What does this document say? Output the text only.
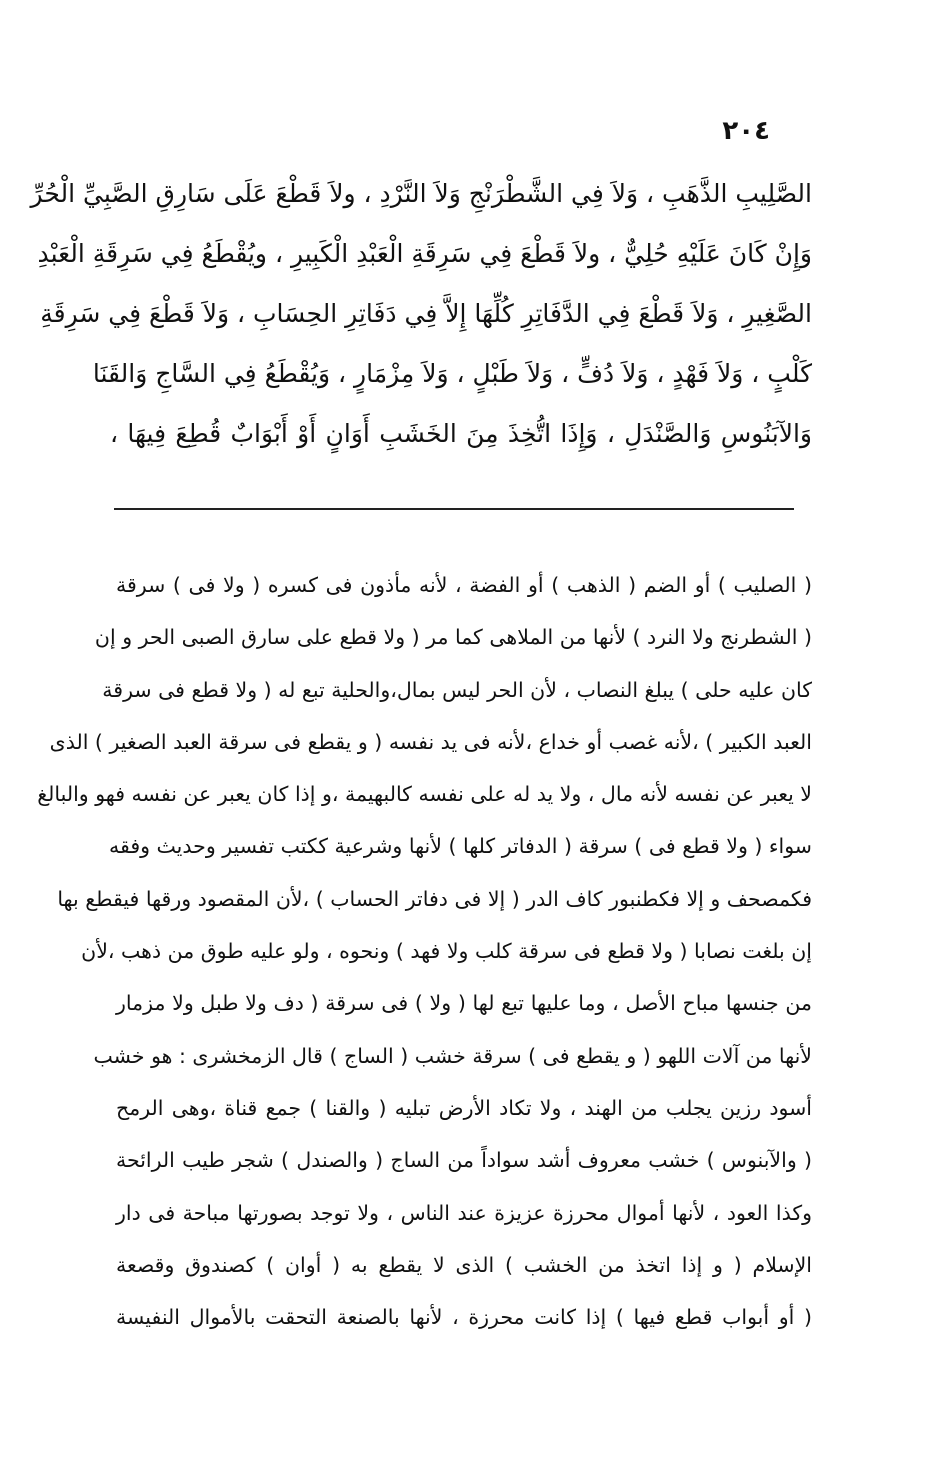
٢٠٤
الصَّلِيبِ الذَّهَبِ ، وَلاَ فِي الشَّطْرَنْجِ وَلاَ النَّرْدِ ، ولاَ قَطْعَ عَلَى سَارِقِ الصَّبِيِّ الْحُرِّ
وَإِنْ كَانَ عَلَيْهِ حُلِيٌّ ، ولاَ قَطْعَ فِي سَرِقَةِ الْعَبْدِ الْكَبِيرِ ، ويُقْطَعُ فِي سَرِقَةِ الْعَبْدِ
الصَّغِيرِ ، وَلاَ قَطْعَ فِي الدَّفَاتِرِ كُلِّهَا إِلاَّ فِي دَفَاتِرِ الحِسَابِ ، وَلاَ قَطْعَ فِي سَرِقَةِ
كَلْبٍ ، وَلاَ فَهْدٍ ، وَلاَ دُفٍّ ، وَلاَ طَبْلٍ ، وَلاَ مِزْمَارٍ ، وَيُقْطَعُ فِي السَّاجِ وَالقَنَا
وَالآبَنُوسِ وَالصَّنْدَلِ ، وَإِذَا اتُّخِذَ مِنَ الخَشَبِ أَوَانٍ أَوْ أَبْوَابٌ قُطِعَ فِيهَا ،
( الصليب ) أو الضم ( الذهب ) أو الفضة ، لأنه مأذون فى كسره ( ولا فى ) سرقة
( الشطرنج ولا النرد ) لأنها من الملاهى كما مر ( ولا قطع على سارق الصبى الحر و إن
كان عليه حلى ) يبلغ النصاب ، لأن الحر ليس بمال،والحلية تبع له ( ولا قطع فى سرقة
العبد الكبير ) ،لأنه غصب أو خداع ،لأنه فى يد نفسه ( و يقطع فى سرقة العبد الصغير ) الذى
لا يعبر عن نفسه لأنه مال ، ولا يد له على نفسه كالبهيمة ،و إذا كان يعبر عن نفسه فهو والبالغ
سواء ( ولا قطع فى ) سرقة ( الدفاتر كلها ) لأنها وشرعية ككتب تفسير وحديث وفقه
فكمصحف و إلا فكطنبور كاف الدر ( إلا فى دفاتر الحساب ) ،لأن المقصود ورقها فيقطع بها
إن بلغت نصابا ( ولا قطع فى سرقة كلب ولا فهد ) ونحوه ، ولو عليه طوق من ذهب ،لأن
من جنسها مباح الأصل ، وما عليها تبع لها ( ولا ) فى سرقة ( دف ولا طبل ولا مزمار
لأنها من آلات اللهو ( و يقطع فى ) سرقة خشب ( الساج ) قال الزمخشرى : هو خشب
أسود رزين يجلب من الهند ، ولا تكاد الأرض تبليه ( والقنا ) جمع قناة ،وهى الرمح
( والآبنوس ) خشب معروف أشد سواداً من الساج ( والصندل ) شجر طيب الرائحة
وكذا العود ، لأنها أموال محرزة عزيزة عند الناس ، ولا توجد بصورتها مباحة فى دار
الإسلام ( و إذا اتخذ من الخشب ) الذى لا يقطع به ( أوان ) كصندوق وقصعة
( أو أبواب قطع فيها ) إذا كانت محرزة ، لأنها بالصنعة التحقت بالأموال النفيسة
